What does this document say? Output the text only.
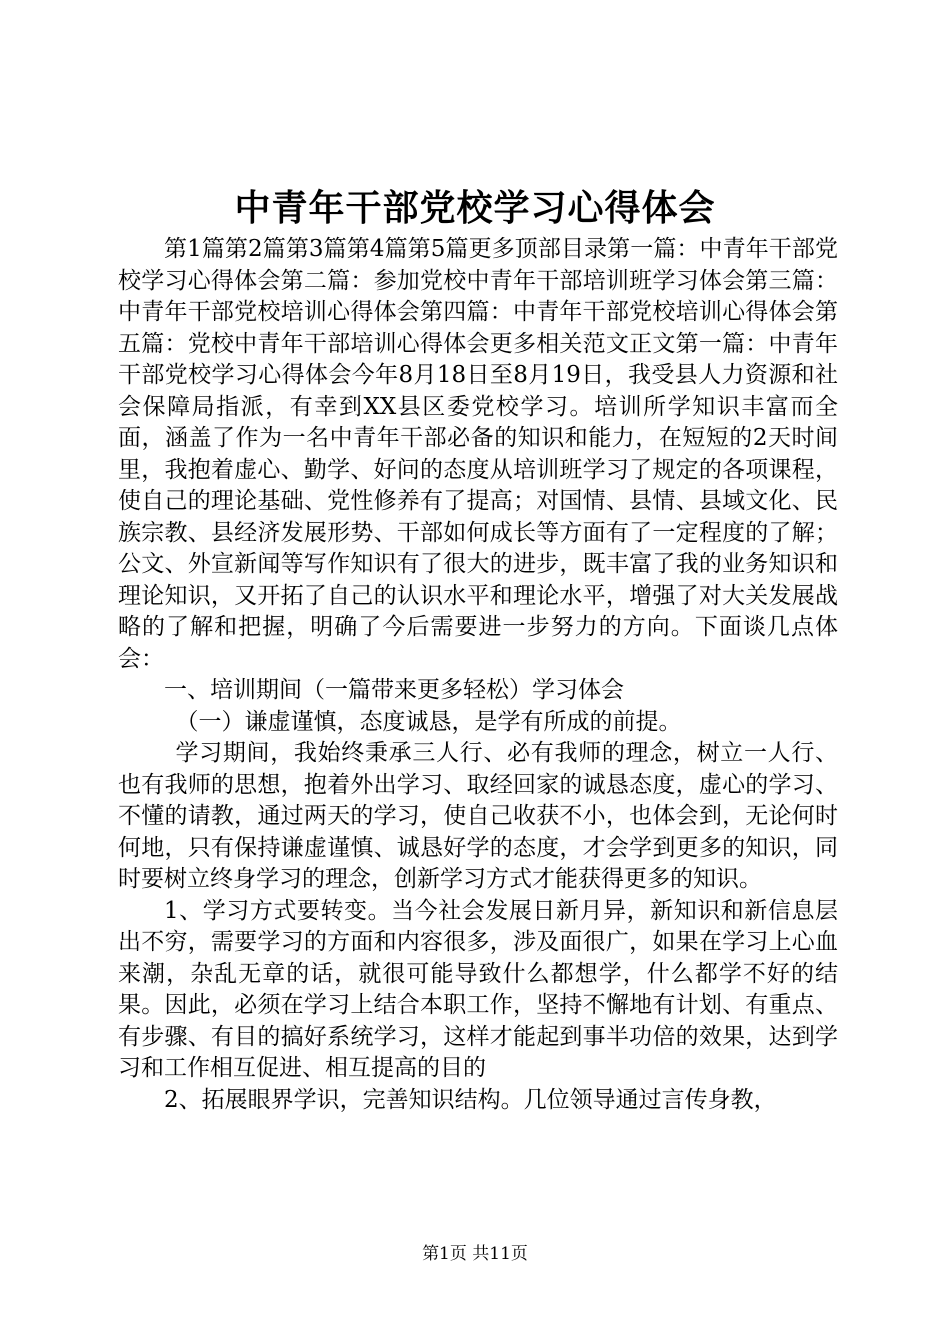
中青年干部党校学习心得体会

第1篇第2篇第3篇第4篇第5篇更多顶部目录第一篇：中青年干部党校学习心得体会第二篇：参加党校中青年干部培训班学习体会第三篇：中青年干部党校培训心得体会第四篇：中青年干部党校培训心得体会第五篇：党校中青年干部培训心得体会更多相关范文正文第一篇：中青年干部党校学习心得体会今年8月18日至8月19日，我受县人力资源和社会保障局指派，有幸到XX县区委党校学习。培训所学知识丰富而全面，涵盖了作为一名中青年干部必备的知识和能力，在短短的2天时间里，我抱着虚心、勤学、好问的态度从培训班学习了规定的各项课程，使自己的理论基础、党性修养有了提高；对国情、县情、县域文化、民族宗教、县经济发展形势、干部如何成长等方面有了一定程度的了解；公文、外宣新闻等写作知识有了很大的进步，既丰富了我的业务知识和理论知识，又开拓了自己的认识水平和理论水平，增强了对大关发展战略的了解和把握，明确了今后需要进一步努力的方向。下面谈几点体会：

一、培训期间（一篇带来更多轻松）学习体会

（一）谦虚谨慎，态度诚恳，是学有所成的前提。

学习期间，我始终秉承三人行、必有我师的理念，树立一人行、也有我师的思想，抱着外出学习、取经回家的诚恳态度，虚心的学习、不懂的请教，通过两天的学习，使自己收获不小，也体会到，无论何时何地，只有保持谦虚谨慎、诚恳好学的态度，才会学到更多的知识，同时要树立终身学习的理念，创新学习方式才能获得更多的知识。

1、学习方式要转变。当今社会发展日新月异，新知识和新信息层出不穷，需要学习的方面和内容很多，涉及面很广，如果在学习上心血来潮，杂乱无章的话，就很可能导致什么都想学，什么都学不好的结果。因此，必须在学习上结合本职工作，坚持不懈地有计划、有重点、有步骤、有目的搞好系统学习，这样才能起到事半功倍的效果，达到学习和工作相互促进、相互提高的目的

2、拓展眼界学识，完善知识结构。几位领导通过言传身教，

第1页 共11页
